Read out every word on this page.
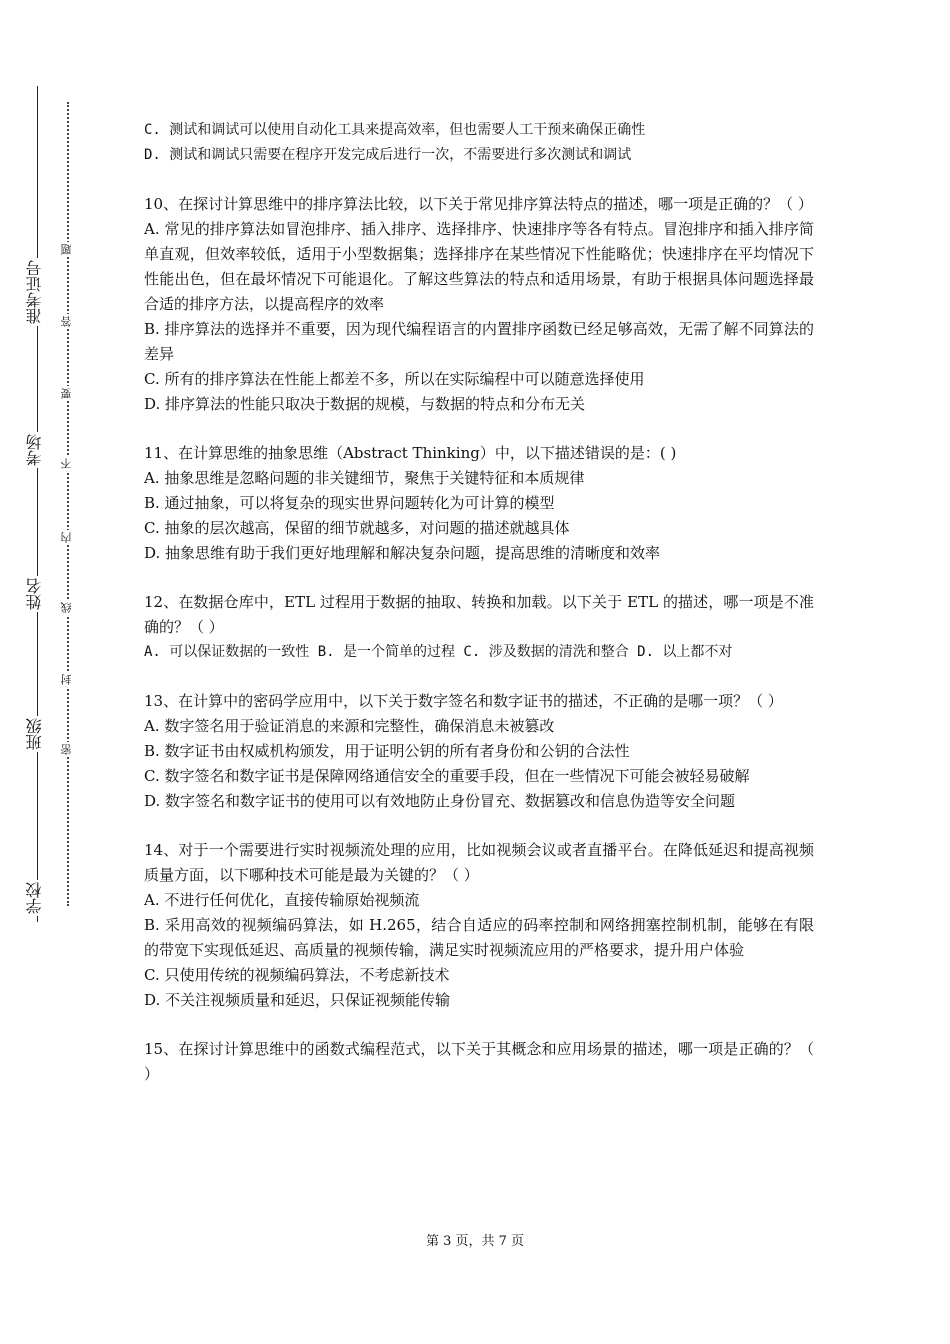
准考证号
考场
姓名
班级
学校
题
答
要
不
内
线
封
密
C. 测试和调试可以使用自动化工具来提高效率，但也需要人工干预来确保正确性
D. 测试和调试只需要在程序开发完成后进行一次，不需要进行多次测试和调试
10、在探讨计算思维中的排序算法比较，以下关于常见排序算法特点的描述，哪一项是正确的？（ ）
A. 常见的排序算法如冒泡排序、插入排序、选择排序、快速排序等各有特点。冒泡排序和插入排序简单直观，但效率较低，适用于小型数据集；选择排序在某些情况下性能略优；快速排序在平均情况下性能出色，但在最坏情况下可能退化。了解这些算法的特点和适用场景，有助于根据具体问题选择最合适的排序方法，以提高程序的效率
B. 排序算法的选择并不重要，因为现代编程语言的内置排序函数已经足够高效，无需了解不同算法的差异
C. 所有的排序算法在性能上都差不多，所以在实际编程中可以随意选择使用
D. 排序算法的性能只取决于数据的规模，与数据的特点和分布无关
11、在计算思维的抽象思维（Abstract Thinking）中，以下描述错误的是：( )
A. 抽象思维是忽略问题的非关键细节，聚焦于关键特征和本质规律
B. 通过抽象，可以将复杂的现实世界问题转化为可计算的模型
C. 抽象的层次越高，保留的细节就越多，对问题的描述就越具体
D. 抽象思维有助于我们更好地理解和解决复杂问题，提高思维的清晰度和效率
12、在数据仓库中，ETL 过程用于数据的抽取、转换和加载。以下关于 ETL 的描述，哪一项是不准确的？（ ）
A. 可以保证数据的一致性 B. 是一个简单的过程 C. 涉及数据的清洗和整合 D. 以上都不对
13、在计算中的密码学应用中，以下关于数字签名和数字证书的描述，不正确的是哪一项？（ ）
A. 数字签名用于验证消息的来源和完整性，确保消息未被篡改
B. 数字证书由权威机构颁发，用于证明公钥的所有者身份和公钥的合法性
C. 数字签名和数字证书是保障网络通信安全的重要手段，但在一些情况下可能会被轻易破解
D. 数字签名和数字证书的使用可以有效地防止身份冒充、数据篡改和信息伪造等安全问题
14、对于一个需要进行实时视频流处理的应用，比如视频会议或者直播平台。在降低延迟和提高视频质量方面，以下哪种技术可能是最为关键的？（ ）
A. 不进行任何优化，直接传输原始视频流
B. 采用高效的视频编码算法，如 H.265，结合自适应的码率控制和网络拥塞控制机制，能够在有限的带宽下实现低延迟、高质量的视频传输，满足实时视频流应用的严格要求，提升用户体验
C. 只使用传统的视频编码算法，不考虑新技术
D. 不关注视频质量和延迟，只保证视频能传输
15、在探讨计算思维中的函数式编程范式，以下关于其概念和应用场景的描述，哪一项是正确的？（ ）
第 3 页，共 7 页
